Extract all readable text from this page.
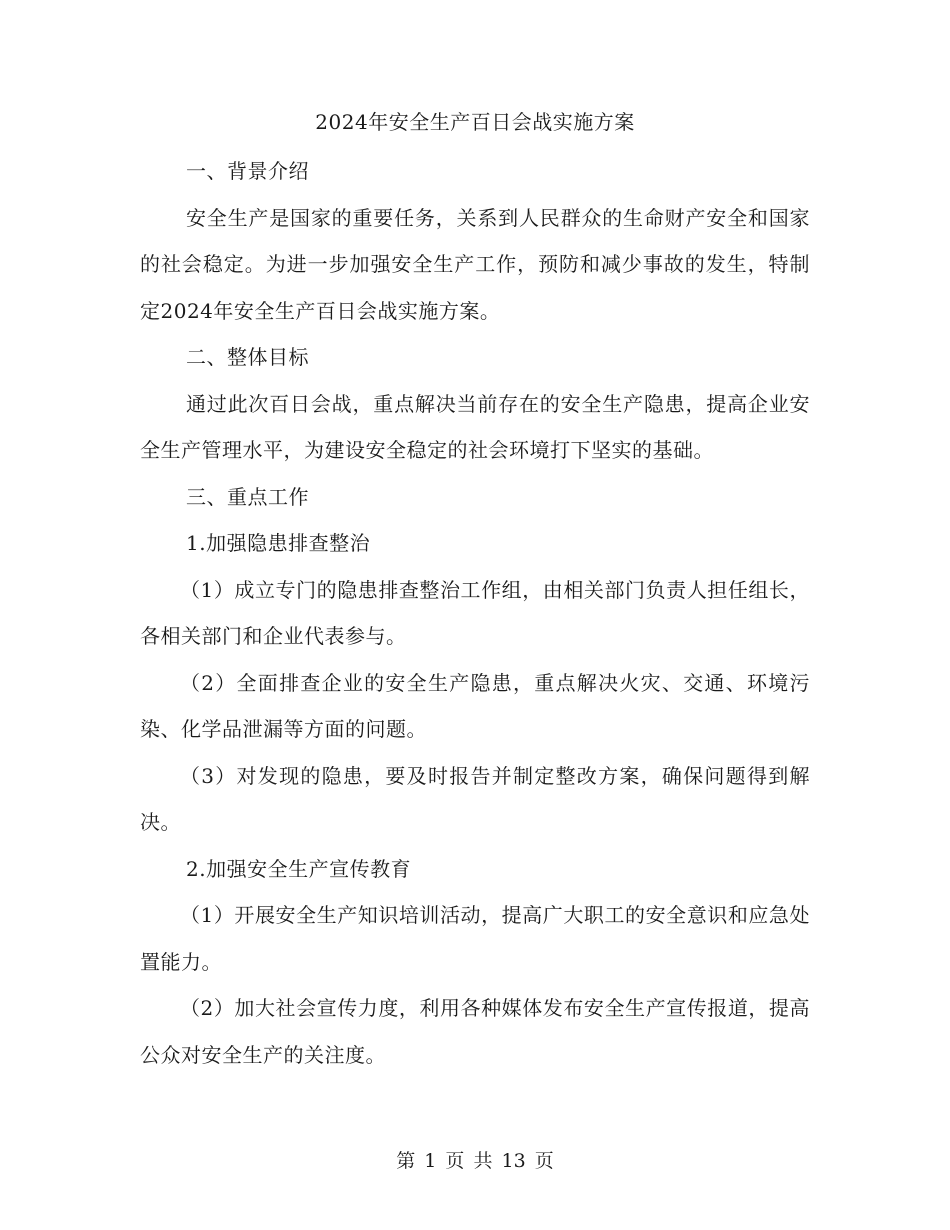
2024年安全生产百日会战实施方案

一、背景介绍

安全生产是国家的重要任务，关系到人民群众的生命财产安全和国家的社会稳定。为进一步加强安全生产工作，预防和减少事故的发生，特制定2024年安全生产百日会战实施方案。

二、整体目标

通过此次百日会战，重点解决当前存在的安全生产隐患，提高企业安全生产管理水平，为建设安全稳定的社会环境打下坚实的基础。

三、重点工作

1.加强隐患排查整治

（1）成立专门的隐患排查整治工作组，由相关部门负责人担任组长，各相关部门和企业代表参与。

（2）全面排查企业的安全生产隐患，重点解决火灾、交通、环境污染、化学品泄漏等方面的问题。

（3）对发现的隐患，要及时报告并制定整改方案，确保问题得到解决。

2.加强安全生产宣传教育

（1）开展安全生产知识培训活动，提高广大职工的安全意识和应急处置能力。

（2）加大社会宣传力度，利用各种媒体发布安全生产宣传报道，提高公众对安全生产的关注度。

第 1 页 共 13 页
